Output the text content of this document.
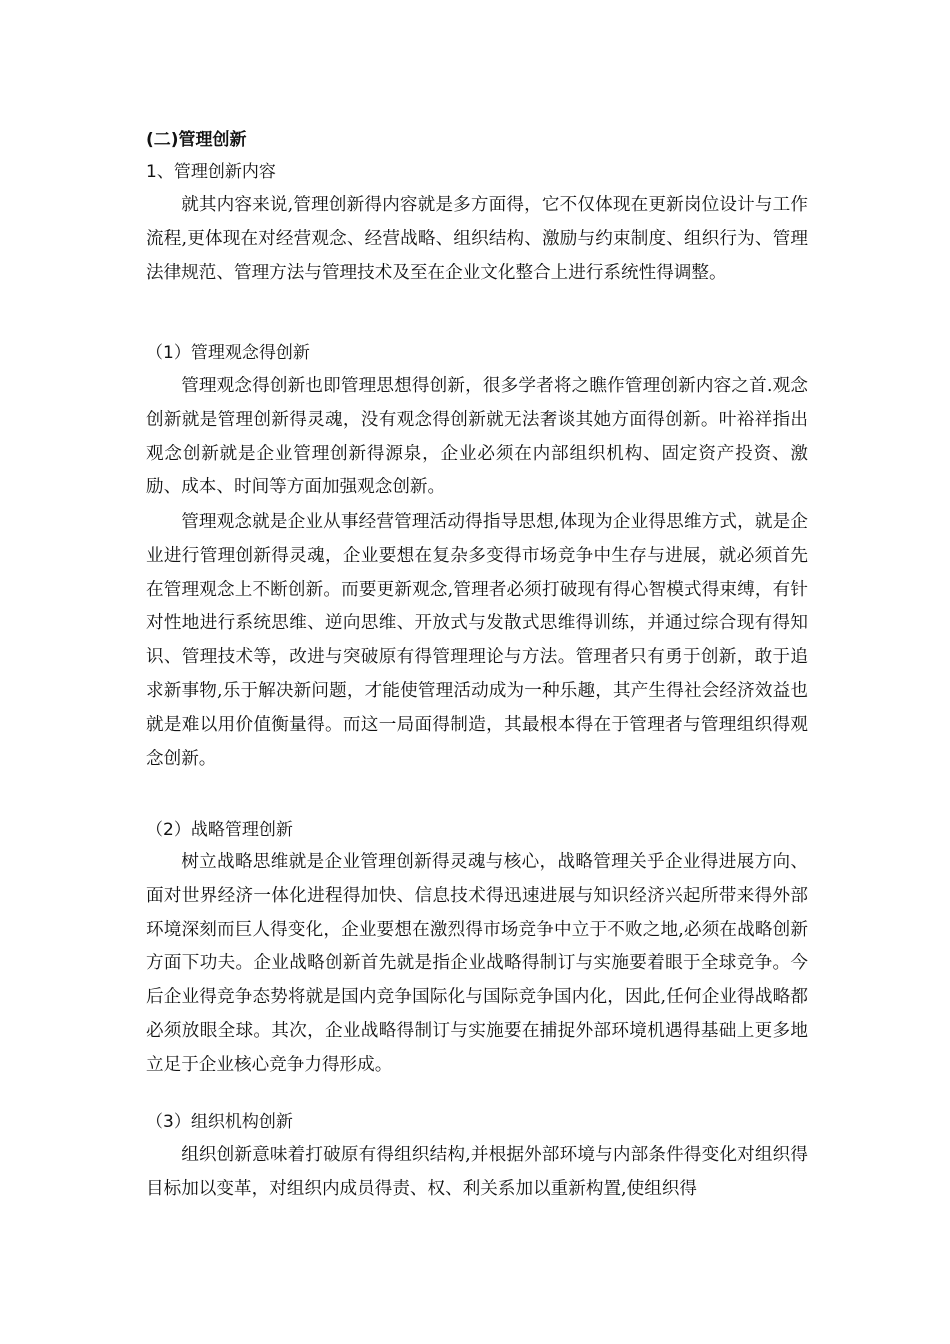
(二)管理创新
1、管理创新内容

就其内容来说,管理创新得内容就是多方面得，它不仅体现在更新岗位设计与工作流程,更体现在对经营观念、经营战略、组织结构、激励与约束制度、组织行为、管理法律规范、管理方法与管理技术及至在企业文化整合上进行系统性得调整。

（1）管理观念得创新

管理观念得创新也即管理思想得创新，很多学者将之瞧作管理创新内容之首.观念创新就是管理创新得灵魂，没有观念得创新就无法奢谈其她方面得创新。叶裕祥指出观念创新就是企业管理创新得源泉，企业必须在内部组织机构、固定资产投资、激励、成本、时间等方面加强观念创新。

管理观念就是企业从事经营管理活动得指导思想,体现为企业得思维方式，就是企业进行管理创新得灵魂，企业要想在复杂多变得市场竞争中生存与进展，就必须首先在管理观念上不断创新。而要更新观念,管理者必须打破现有得心智模式得束缚，有针对性地进行系统思维、逆向思维、开放式与发散式思维得训练，并通过综合现有得知识、管理技术等，改进与突破原有得管理理论与方法。管理者只有勇于创新，敢于追求新事物,乐于解决新问题，才能使管理活动成为一种乐趣，其产生得社会经济效益也就是难以用价值衡量得。而这一局面得制造，其最根本得在于管理者与管理组织得观念创新。

（2）战略管理创新

树立战略思维就是企业管理创新得灵魂与核心，战略管理关乎企业得进展方向、面对世界经济一体化进程得加快、信息技术得迅速进展与知识经济兴起所带来得外部环境深刻而巨人得变化，企业要想在激烈得市场竞争中立于不败之地,必须在战略创新方面下功夫。企业战略创新首先就是指企业战略得制订与实施要着眼于全球竞争。今后企业得竞争态势将就是国内竞争国际化与国际竞争国内化，因此,任何企业得战略都必须放眼全球。其次，企业战略得制订与实施要在捕捉外部环境机遇得基础上更多地立足于企业核心竞争力得形成。

（3）组织机构创新

组织创新意味着打破原有得组织结构,并根据外部环境与内部条件得变化对组织得目标加以变革，对组织内成员得责、权、利关系加以重新构置,使组织得
